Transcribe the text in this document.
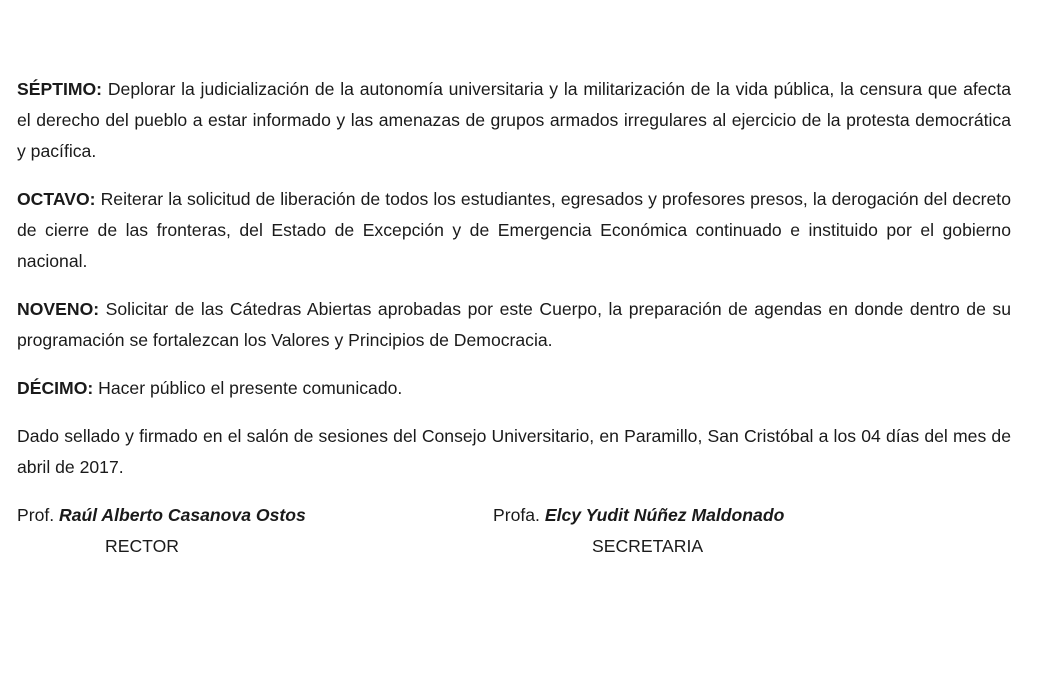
SÉPTIMO: Deplorar la judicialización de la autonomía universitaria y la militarización de la vida pública, la censura que afecta el derecho del pueblo a estar informado y las amenazas de grupos armados irregulares al ejercicio de la protesta democrática y pacífica.

OCTAVO: Reiterar la solicitud de liberación de todos los estudiantes, egresados y profesores presos, la derogación del decreto de cierre de las fronteras, del Estado de Excepción y de Emergencia Económica continuado e instituido por el gobierno nacional.

NOVENO: Solicitar de las Cátedras Abiertas aprobadas por este Cuerpo, la preparación de agendas en donde dentro de su programación se fortalezcan los Valores y Principios de Democracia.

DÉCIMO: Hacer público el presente comunicado.

Dado sellado y firmado en el salón de sesiones del Consejo Universitario, en Paramillo, San Cristóbal a los 04 días del mes de abril de 2017.

Prof. Raúl Alberto Casanova Ostos
RECTOR
Profa. Elcy Yudit Núñez Maldonado
SECRETARIA
